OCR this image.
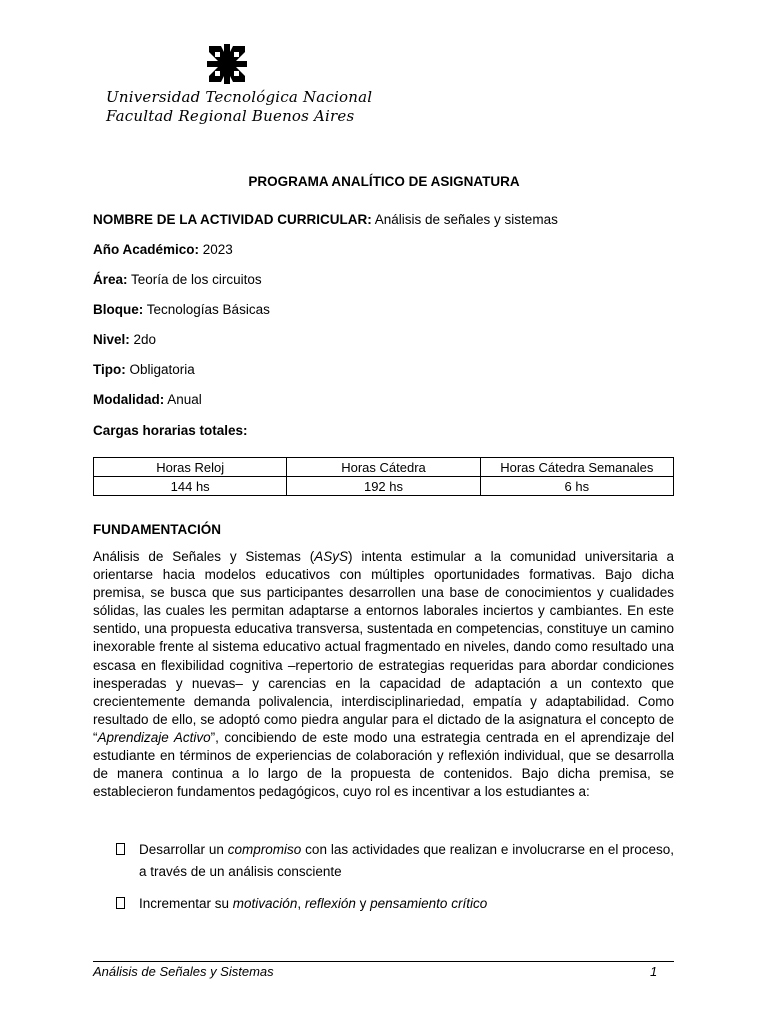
Universidad Tecnológica Nacional
Facultad Regional Buenos Aires
PROGRAMA ANALÍTICO DE ASIGNATURA
NOMBRE DE LA ACTIVIDAD CURRICULAR: Análisis de señales y sistemas
Año Académico: 2023
Área: Teoría de los circuitos
Bloque: Tecnologías Básicas
Nivel: 2do
Tipo: Obligatoria
Modalidad: Anual
Cargas horarias totales:
Horas Reloj	Horas Cátedra	Horas Cátedra Semanales
144 hs	192 hs	6 hs
FUNDAMENTACIÓN
Análisis de Señales y Sistemas (ASyS) intenta estimular a la comunidad universitaria a orientarse hacia modelos educativos con múltiples oportunidades formativas. Bajo dicha premisa, se busca que sus participantes desarrollen una base de conocimientos y cualidades sólidas, las cuales les permitan adaptarse a entornos laborales inciertos y cambiantes. En este sentido, una propuesta educativa transversa, sustentada en competencias, constituye un camino inexorable frente al sistema educativo actual fragmentado en niveles, dando como resultado una escasa en flexibilidad cognitiva –repertorio de estrategias requeridas para abordar condiciones inesperadas y nuevas– y carencias en la capacidad de adaptación a un contexto que crecientemente demanda polivalencia, interdisciplinariedad, empatía y adaptabilidad. Como resultado de ello, se adoptó como piedra angular para el dictado de la asignatura el concepto de “Aprendizaje Activo”, concibiendo de este modo una estrategia centrada en el aprendizaje del estudiante en términos de experiencias de colaboración y reflexión individual, que se desarrolla de manera continua a lo largo de la propuesta de contenidos. Bajo dicha premisa, se establecieron fundamentos pedagógicos, cuyo rol es incentivar a los estudiantes a:
Desarrollar un compromiso con las actividades que realizan e involucrarse en el proceso, a través de un análisis consciente
Incrementar su motivación, reflexión y pensamiento crítico
Análisis de Señales y Sistemas	1
